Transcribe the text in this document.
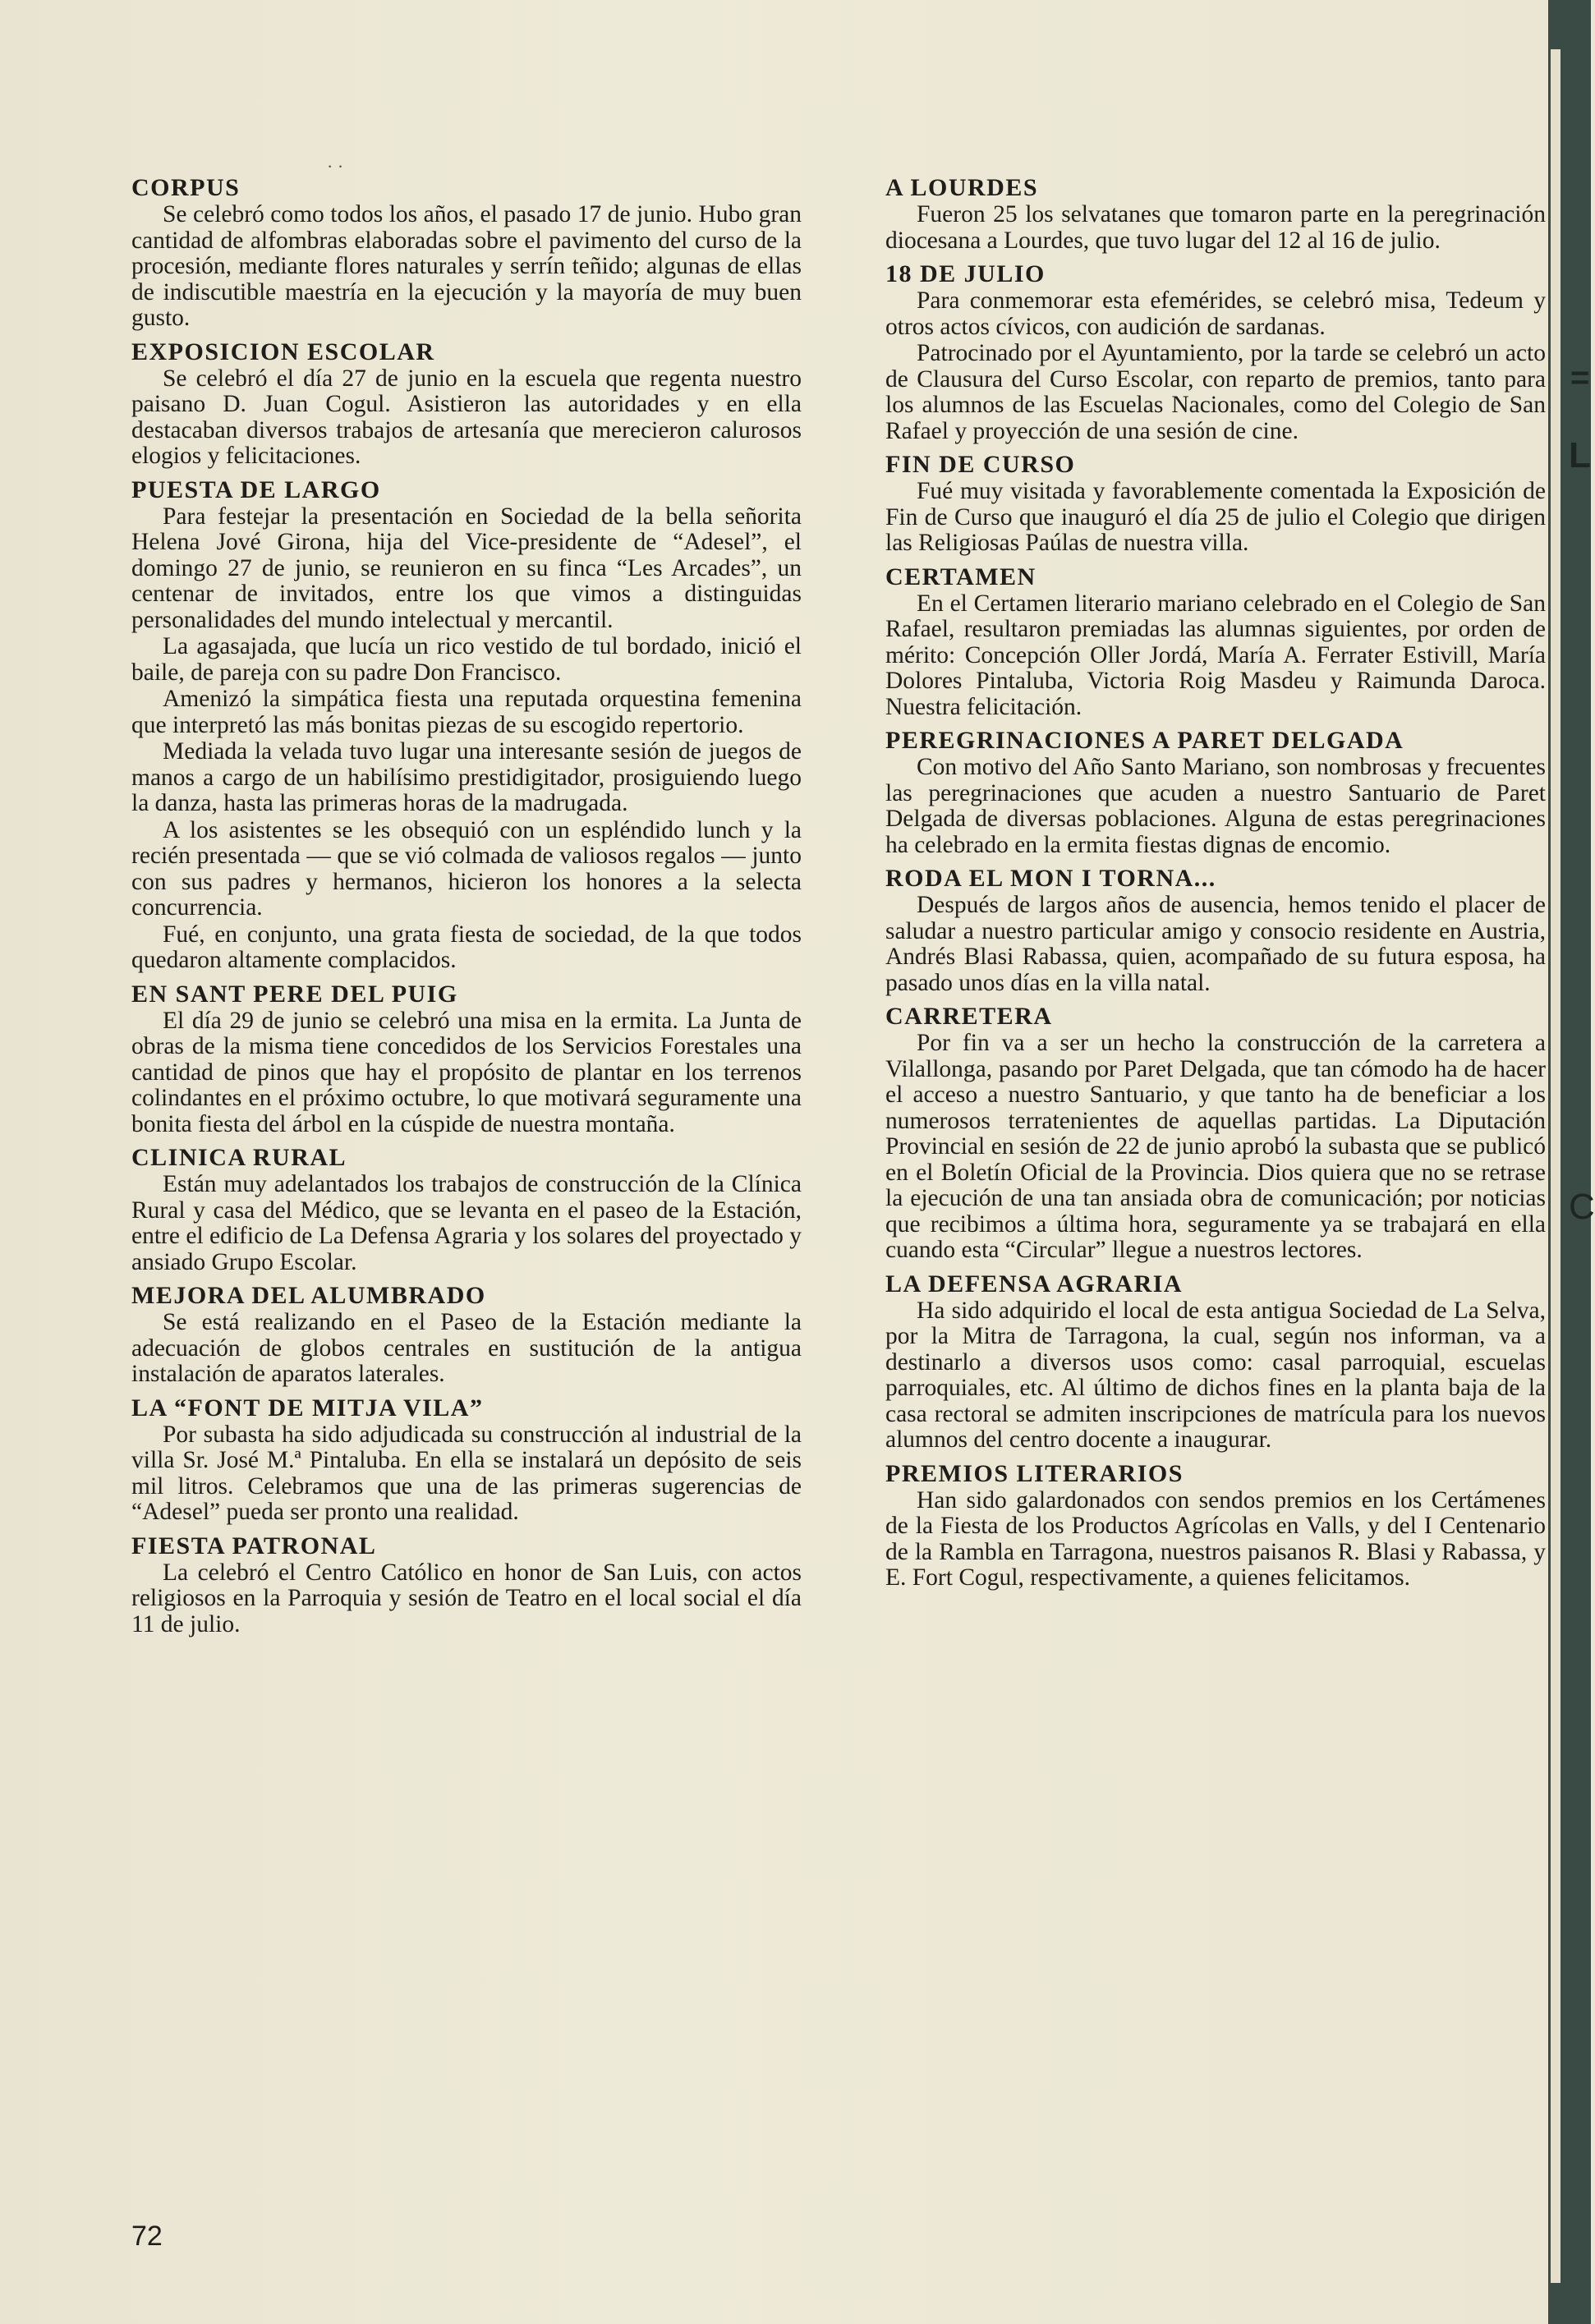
=
L
C
· ·
CORPUS

Se celebró como todos los años, el pasado 17 de junio. Hubo gran cantidad de alfombras elaboradas sobre el pavimento del curso de la procesión, mediante flores naturales y serrín teñido; algunas de ellas de indiscutible maestría en la ejecución y la mayoría de muy buen gusto.

EXPOSICION ESCOLAR

Se celebró el día 27 de junio en la escuela que regenta nuestro paisano D. Juan Cogul. Asistieron las autoridades y en ella destacaban diversos trabajos de artesanía que merecieron calurosos elogios y felicitaciones.

PUESTA DE LARGO

Para festejar la presentación en Sociedad de la bella señorita Helena Jové Girona, hija del Vice-presidente de “Adesel”, el domingo 27 de junio, se reunieron en su finca “Les Arcades”, un centenar de invitados, entre los que vimos a distinguidas personalidades del mundo intelectual y mercantil.

La agasajada, que lucía un rico vestido de tul bordado, inició el baile, de pareja con su padre Don Francisco.

Amenizó la simpática fiesta una reputada orquestina femenina que interpretó las más bonitas piezas de su escogido repertorio.

Mediada la velada tuvo lugar una interesante sesión de juegos de manos a cargo de un habilísimo prestidigitador, prosiguiendo luego la danza, hasta las primeras horas de la madrugada.

A los asistentes se les obsequió con un espléndido lunch y la recién presentada — que se vió colmada de valiosos regalos — junto con sus padres y hermanos, hicieron los honores a la selecta concurrencia.

Fué, en conjunto, una grata fiesta de sociedad, de la que todos quedaron altamente complacidos.

EN SANT PERE DEL PUIG

El día 29 de junio se celebró una misa en la ermita. La Junta de obras de la misma tiene concedidos de los Servicios Forestales una cantidad de pinos que hay el propósito de plantar en los terrenos colindantes en el próximo octubre, lo que motivará seguramente una bonita fiesta del árbol en la cúspide de nuestra montaña.

CLINICA RURAL

Están muy adelantados los trabajos de construcción de la Clínica Rural y casa del Médico, que se levanta en el paseo de la Estación, entre el edificio de La Defensa Agraria y los solares del proyectado y ansiado Grupo Escolar.

MEJORA DEL ALUMBRADO

Se está realizando en el Paseo de la Estación mediante la adecuación de globos centrales en sustitución de la antigua instalación de aparatos laterales.

LA “FONT DE MITJA VILA”

Por subasta ha sido adjudicada su construcción al industrial de la villa Sr. José M.ª Pintaluba. En ella se instalará un depósito de seis mil litros. Celebramos que una de las primeras sugerencias de “Adesel” pueda ser pronto una realidad.

FIESTA PATRONAL

La celebró el Centro Católico en honor de San Luis, con actos religiosos en la Parroquia y sesión de Teatro en el local social el día 11 de julio.

A LOURDES

Fueron 25 los selvatanes que tomaron parte en la peregrinación diocesana a Lourdes, que tuvo lugar del 12 al 16 de julio.

18 DE JULIO

Para conmemorar esta efemérides, se celebró misa, Tedeum y otros actos cívicos, con audición de sardanas.

Patrocinado por el Ayuntamiento, por la tarde se celebró un acto de Clausura del Curso Escolar, con reparto de premios, tanto para los alumnos de las Escuelas Nacionales, como del Colegio de San Rafael y proyección de una sesión de cine.

FIN DE CURSO

Fué muy visitada y favorablemente comentada la Exposición de Fin de Curso que inauguró el día 25 de julio el Colegio que dirigen las Religiosas Paúlas de nuestra villa.

CERTAMEN

En el Certamen literario mariano celebrado en el Colegio de San Rafael, resultaron premiadas las alumnas siguientes, por orden de mérito: Concepción Oller Jordá, María A. Ferrater Estivill, María Dolores Pintaluba, Victoria Roig Masdeu y Raimunda Daroca. Nuestra felicitación.

PEREGRINACIONES A PARET DELGADA

Con motivo del Año Santo Mariano, son nombrosas y frecuentes las peregrinaciones que acuden a nuestro Santuario de Paret Delgada de diversas poblaciones. Alguna de estas peregrinaciones ha celebrado en la ermita fiestas dignas de encomio.

RODA EL MON I TORNA...

Después de largos años de ausencia, hemos tenido el placer de saludar a nuestro particular amigo y consocio residente en Austria, Andrés Blasi Rabassa, quien, acompañado de su futura esposa, ha pasado unos días en la villa natal.

CARRETERA

Por fin va a ser un hecho la construcción de la carretera a Vilallonga, pasando por Paret Delgada, que tan cómodo ha de hacer el acceso a nuestro Santuario, y que tanto ha de beneficiar a los numerosos terratenientes de aquellas partidas. La Diputación Provincial en sesión de 22 de junio aprobó la subasta que se publicó en el Boletín Oficial de la Provincia. Dios quiera que no se retrase la ejecución de una tan ansiada obra de comunicación; por noticias que recibimos a última hora, seguramente ya se trabajará en ella cuando esta “Circular” llegue a nuestros lectores.

LA DEFENSA AGRARIA

Ha sido adquirido el local de esta antigua Sociedad de La Selva, por la Mitra de Tarragona, la cual, según nos informan, va a destinarlo a diversos usos como: casal parroquial, escuelas parroquiales, etc. Al último de dichos fines en la planta baja de la casa rectoral se admiten inscripciones de matrícula para los nuevos alumnos del centro docente a inaugurar.

PREMIOS LITERARIOS

Han sido galardonados con sendos premios en los Certámenes de la Fiesta de los Productos Agrícolas en Valls, y del I Centenario de la Rambla en Tarragona, nuestros paisanos R. Blasi y Rabassa, y E. Fort Cogul, respectivamente, a quienes felicitamos.

72
